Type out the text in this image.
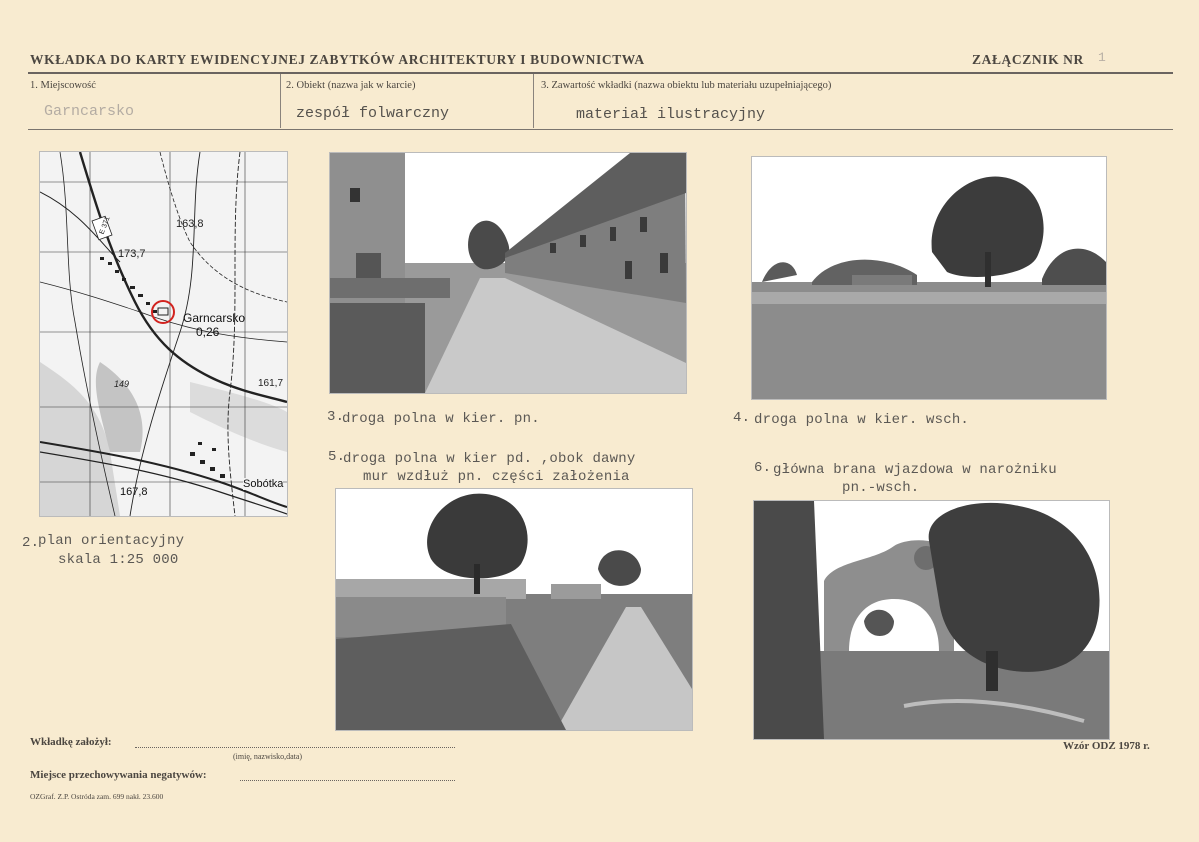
WKŁADKA DO KARTY EWIDENCYJNEJ ZABYTKÓW ARCHITEKTURY I BUDOWNICTWA	ZAŁĄCZNIK NR 1
1. Miejscowość
Garncarsko
2. Obiekt (nazwa jak w karcie)
zespół folwarczny
3. Zawartość wkładki (nazwa obiektu lub materiału uzupełniającego)
materiał ilustracyjny
E 371	163,8
173,7
Garncarsko
0,26
149	161,7
167,8
Sobótka
2.
plan orientacyjny
skala 1:25 000
3.
droga polna w kier. pn.	4. droga polna w kier. wsch.
5.
droga polna w kier pd. ,obok dawny
mur wzdłuż pn. części założenia
6. główna brana wjazdowa w narożniku
pn.-wsch.
Wkładkę założył:
(imię, nazwisko,data)
Miejsce przechowywania negatywów:
Wzór ODZ 1978 r.
OZGraf. Z.P. Ostróda zam. 699 nakł. 23.600
